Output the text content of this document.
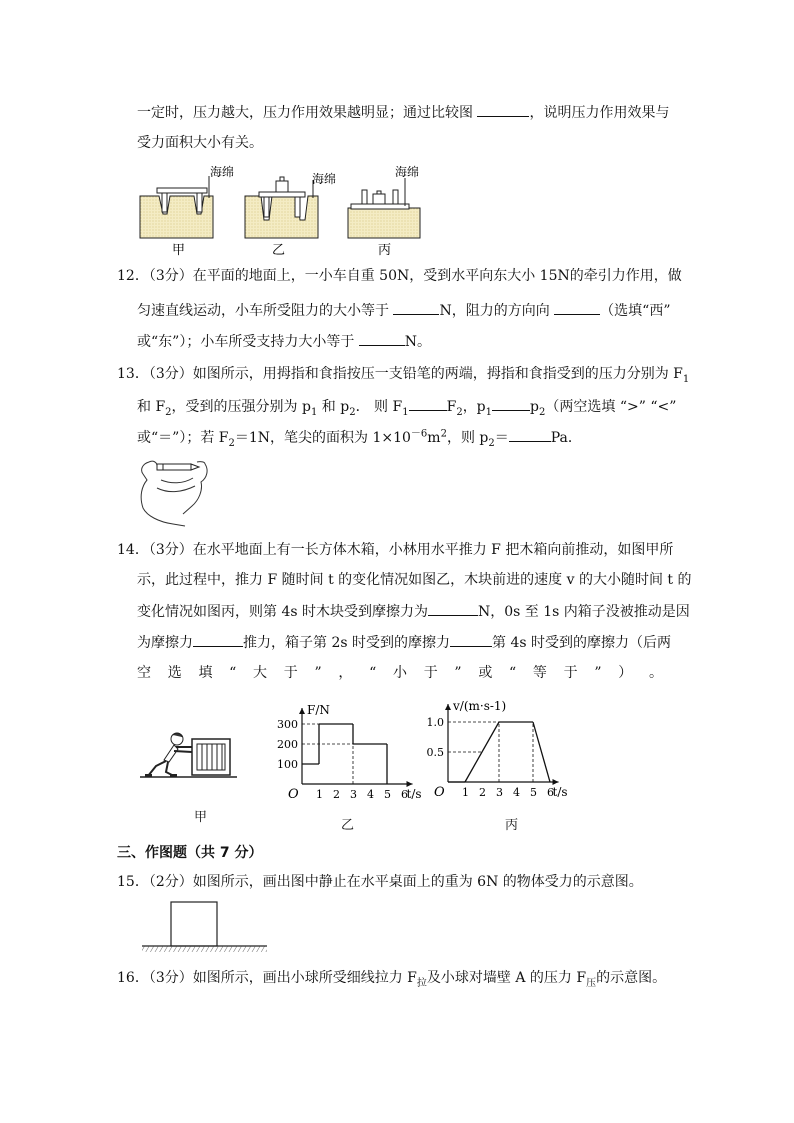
一定时，压力越大，压力作用效果越明显；通过比较图	，说明压力作用效果与
受力面积大小有关。
海绵
甲
海绵
乙
海绵
丙
12．（3分）在平面的地面上，一小车自重 50N，受到水平向东大小 15N的牵引力作用，做
匀速直线运动，小车所受阻力的大小等于	N，阻力的方向向	（选填“西”
或“东”）；小车所受支持力大小等于	N。
13．（3分）如图所示，用拇指和食指按压一支铅笔的两端，拇指和食指受到的压力分别为 $F_1$
和 $F_2$，受到的压强分别为 $p_1$ 和 $p_2$． 则 $F_1$	$F_2$，$p_1$	$p_2$（两空选填 “>” “<”
或“＝”）；若 $F_2=1N$，笔尖的面积为 $1\times 10^{-6}m^2$，则 $p_2=$	Pa．
14．（3分）在水平地面上有一长方体木箱，小林用水平推力 F 把木箱向前推动，如图甲所
示，此过程中，推力 F 随时间 t 的变化情况如图乙，木块前进的速度 v 的大小随时间 t 的
变化情况如图丙，则第 4s 时木块受到摩擦力为	N，0s 至 1s 内箱子没被推动是因
为摩擦力	推力，箱子第 2s 时受到的摩擦力	第 4s 时受到的摩擦力（后两
空 选 填 “ 大 于 ” ， “ 小 于 ” 或 “ 等 于 ” ） 。
甲
O
F/N
t/s
1 2 3 4 5 6
100
200
300
乙
O
v/(m·s-1)
t/s
1 2 3 4 5 6
0.5
1.0
丙
三、作图题（共 7 分）
15．（2分）如图所示，画出图中静止在水平桌面上的重为 6N 的物体受力的示意图。
16．（3分）如图所示，画出小球所受细线拉力 $F_拉$及小球对墙壁 A 的压力 $F_压$的示意图。
